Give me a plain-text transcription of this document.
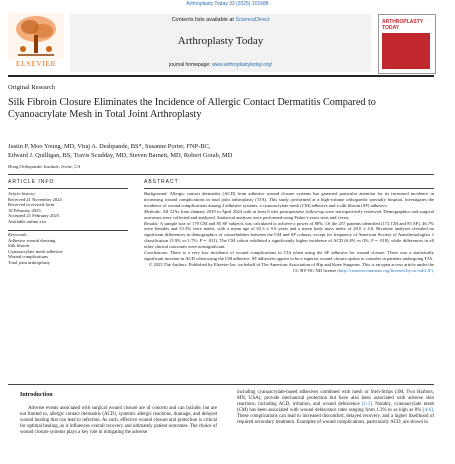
Arthroplasty Today 33 (2025) 101688
Contents lists available at ScienceDirect
Arthroplasty Today
journal homepage: www.arthroplastytoday.org/
ELSEVIER
ARTHROPLASTY
TODAY
Original Research
Silk Fibroin Closure Eliminates the Incidence of Allergic Contact Dermatitis Compared to Cyanoacrylate Mesh in Total Joint Arthroplasty
Justin P. Moo Young, MD, Viraj A. Deshpande, BS*, Susanne Porter, FNP-BC,
Edward J. Quilligan, BS, Travis Scudday, MD, Steven Barnett, MD, Robert Gorab, MD
Hoag Orthopaedic Institute, Irvine, CA
ARTICLE INFO
Article history:
Received 21 November 2024
Received in revised form
18 February 2025
Accepted 21 February 2025
Available online xxx
Keywords:
Adhesive wound dressing
Silk fibroin
Cyanoacrylate mesh adhesive
Wound complications
Total joint arthroplasty
ABSTRACT
Background: Allergic contact dermatitis (ACD) from adhesive wound closure systems has garnered particular attention for its increased incidence in increasing wound complications in total joint arthroplasty (TJA). This study, performed at a high-volume orthopaedic specialty hospital, investigates the incidence of wound complications among 2 adhesive systems: a cyanoacrylate mesh (CM) adhesive and a silk fibroin (SF) adhesive.
Methods: All TJAs from January 2019 to April 2024 with at least 6 wks postoperative follow-up were retrospectively reviewed. Demographics and surgical outcomes were collected and analyzed. Statistical analyses were performed using Fisher's exact tests and t-tests.
Results: A sample size of 170 CM and 85 SF subjects was calculated to achieve a power of 80%. Of the 257 patients identified (172 CM and 85 SF), 46.7% were females and 53.3% were males, with a mean age of 65.3 ± 9.0 years and a mean body mass index of 28.0 ± 4.6. Bivariate analyses revealed no significant differences in demographics or comorbidities between the CM and SF cohorts, except for frequency of American Society of Anesthesiologists 1 classification (3.9% vs 1.7%; P = .011). The CM cohort exhibited a significantly higher incidence of ACD (6.4% vs 0%; P = .018), while differences in all other clinical outcomes were nonsignificant.
Conclusions: There is a very low incidence of wound complications in TJA when using the SF adhesive for wound closure. There was a statistically significant increase in ACD when using the CM adhesive. SF adhesives appear to be a superior wound closure option to consider in patients undergoing TJA.
© 2025 The Authors. Published by Elsevier Inc. on behalf of The American Association of Hip and Knee Surgeons. This is an open access article under the CC BY-NC-ND license (http://creativecommons.org/licenses/by-nc-nd/4.0/).
Introduction
Adverse events associated with surgical wound closure are of concern and can include, but are not limited to, allergic contact dermatitis (ACD), systemic allergic reactions, drainage, and delayed wound healing that can lead to infection. As such, effective wound closure and protection is critical for optimal healing, as it influences overall recovery and ultimately patient outcomes. The choice of wound closure systems plays a key role in mitigating the adverse
including cyanoacrylate-based adhesives combined with mesh or Steri-Strips (3M, Two Harbors, MN, USA), provide mechanical protection but have also been associated with adverse skin reactions, including ACD, irritation, and wound dehiscence [1-3]. Notably, cyanoacrylate mesh (CM) has been associated with wound dehiscence rates ranging from 1.3% to as high as 8% [4-6]. These complications can lead to increased discomfort, delayed recovery, and a higher likelihood of required secondary treatment. Examples of wound complications, particularly ACD, are shown in
